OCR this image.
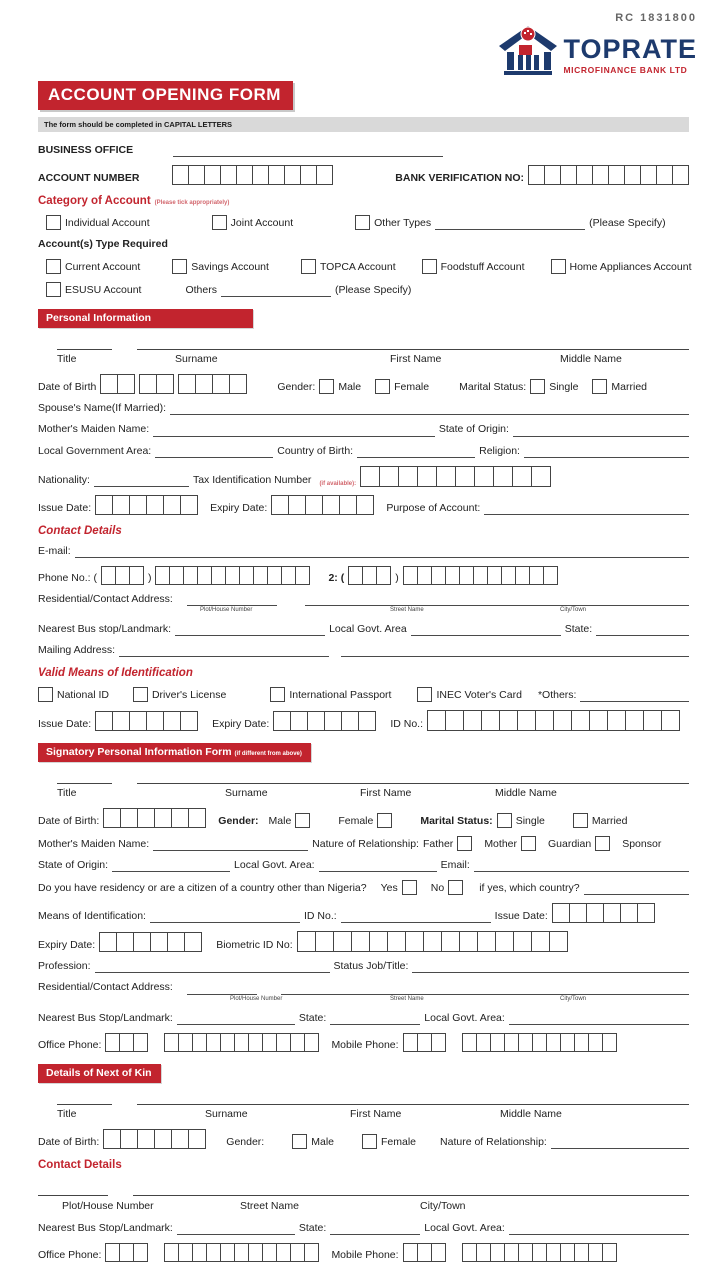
RC 1831800
TOPRATE
MICROFINANCE BANK LTD
ACCOUNT OPENING FORM
The form should be completed in CAPITAL LETTERS
BUSINESS OFFICE
ACCOUNT NUMBER	BANK VERIFICATION NO:
Category of Account (Please tick appropriately)
Individual Account	Joint Account	Other Types	(Please Specify)
Account(s) Type Required
Current Account	Savings Account	TOPCA Account	Foodstuff Account	Home Appliances Account
ESUSU Account	Others	(Please Specify)
Personal Information
Title	Surname	First Name	Middle Name
Date of Birth	Gender: Male	Female	Marital Status: Single	Married
Spouse's Name(If Married):
Mother's Maiden Name:	State of Origin:
Local Government Area:	Country of Birth:	Religion:
Nationality:	Tax Identification Number (if available):
Issue Date:	Expiry Date:	Purpose of Account:
Contact Details
E-mail:
Phone No.: (	)	2: (	)
Residential/Contact Address:
Plot/House Number	Street Name	City/Town
Nearest Bus stop/Landmark:	Local Govt. Area	State:
Mailing Address:
Valid Means of Identification
National ID	Driver's License	International Passport	INEC Voter's Card *Others:
Issue Date:	Expiry Date:	ID No.:
Signatory Personal Information Form (if different from above)
Title	Surname	First Name	Middle Name
Date of Birth:	Gender: Male	Female	Marital Status: Single	Married
Mother's Maiden Name:	Nature of Relationship: Father	Mother	Guardian	Sponsor
State of Origin:	Local Govt. Area:	Email:
Do you have residency or are a citizen of a country other than Nigeria? Yes	No	if yes, which country?
Means of Identification:	ID No.:	Issue Date:
Expiry Date:	Biometric ID No:
Profession:	Status Job/Title:
Residential/Contact Address:
Plot/House Number	Street Name	City/Town
Nearest Bus Stop/Landmark:	State:	Local Govt. Area:
Office Phone:	Mobile Phone:
Details of Next of Kin
Title	Surname	First Name	Middle Name
Date of Birth:	Gender:	Male	Female Nature of Relationship:
Contact Details
Plot/House Number	Street Name	City/Town
Nearest Bus Stop/Landmark:	State:	Local Govt. Area:
Office Phone:	Mobile Phone:
